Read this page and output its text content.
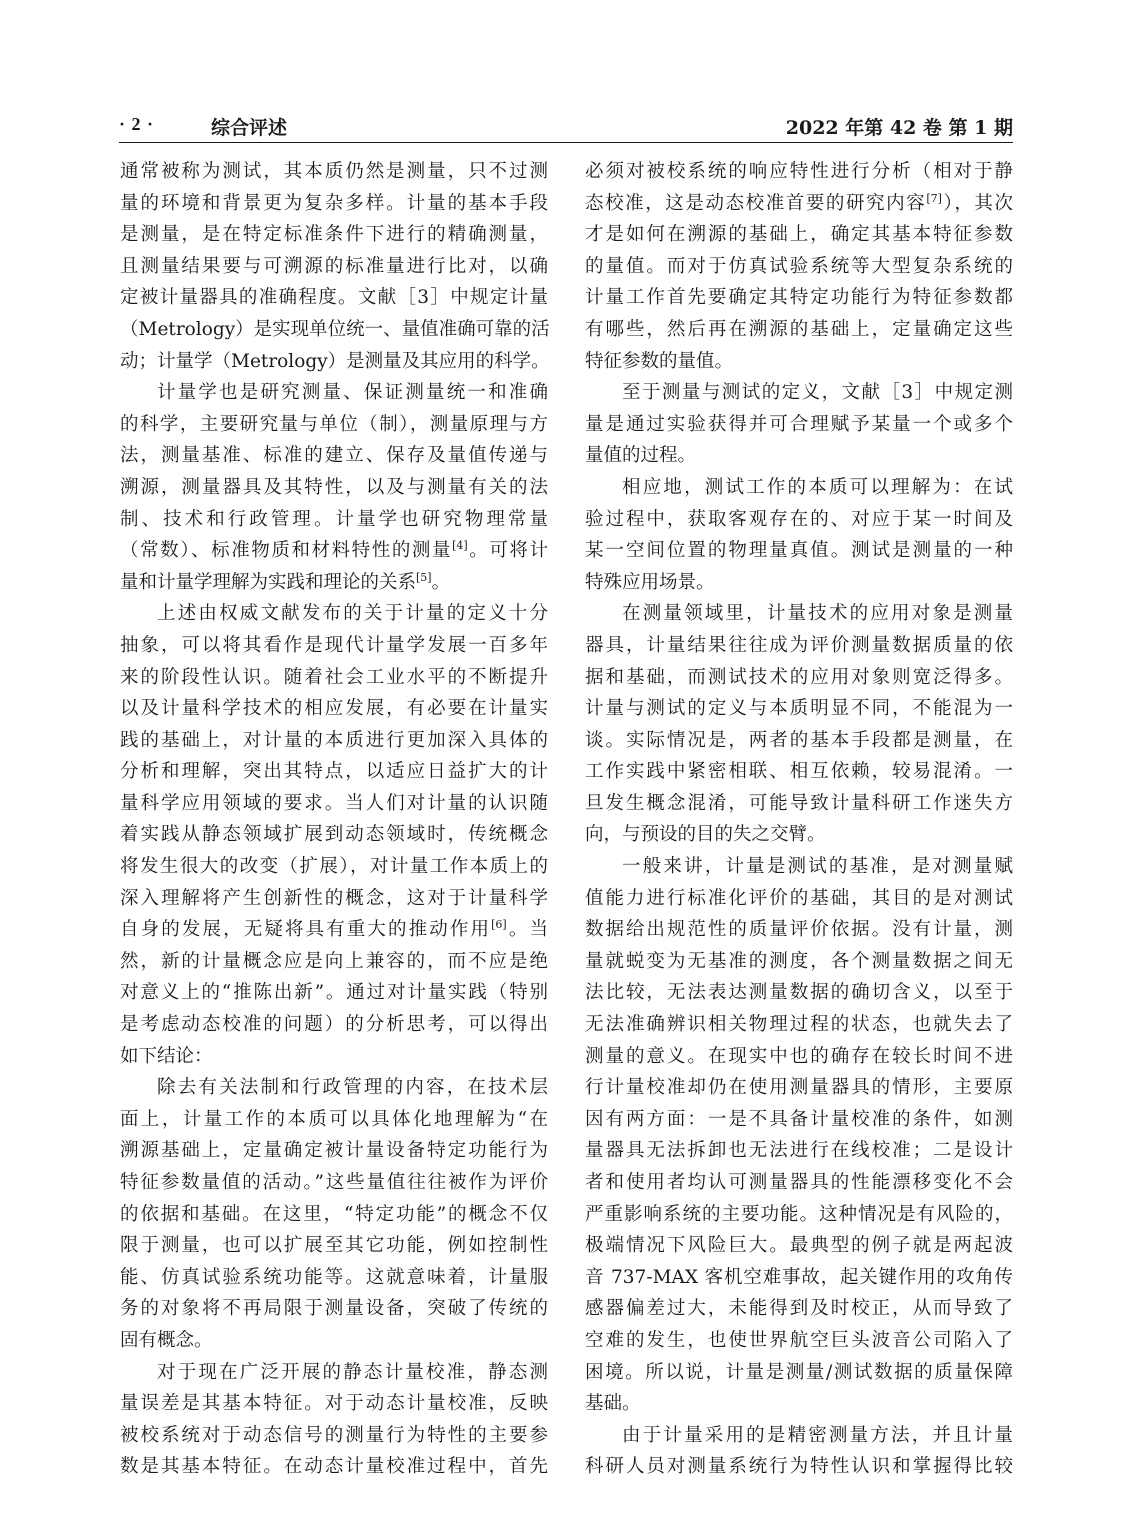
· 2 ·	综合评述	2022 年第 42 卷 第 1 期

通常被称为测试，其本质仍然是测量，只不过测
量的环境和背景更为复杂多样。计量的基本手段
是测量，是在特定标准条件下进行的精确测量，
且测量结果要与可溯源的标准量进行比对，以确
定被计量器具的准确程度。文献［3］中规定计量
（Metrology）是实现单位统一、量值准确可靠的活
动；计量学（Metrology）是测量及其应用的科学。

计量学也是研究测量、保证测量统一和准确
的科学，主要研究量与单位（制），测量原理与方
法，测量基准、标准的建立、保存及量值传递与
溯源，测量器具及其特性，以及与测量有关的法
制、技术和行政管理。计量学也研究物理常量
（常数）、标准物质和材料特性的测量[4]。可将计
量和计量学理解为实践和理论的关系[5]。

上述由权威文献发布的关于计量的定义十分
抽象，可以将其看作是现代计量学发展一百多年
来的阶段性认识。随着社会工业水平的不断提升
以及计量科学技术的相应发展，有必要在计量实
践的基础上，对计量的本质进行更加深入具体的
分析和理解，突出其特点，以适应日益扩大的计
量科学应用领域的要求。当人们对计量的认识随
着实践从静态领域扩展到动态领域时，传统概念
将发生很大的改变（扩展），对计量工作本质上的
深入理解将产生创新性的概念，这对于计量科学
自身的发展，无疑将具有重大的推动作用[6]。当
然，新的计量概念应是向上兼容的，而不应是绝
对意义上的“推陈出新”。通过对计量实践（特别
是考虑动态校准的问题）的分析思考，可以得出
如下结论：

除去有关法制和行政管理的内容，在技术层
面上，计量工作的本质可以具体化地理解为“在
溯源基础上，定量确定被计量设备特定功能行为
特征参数量值的活动。”这些量值往往被作为评价
的依据和基础。在这里，“特定功能”的概念不仅
限于测量，也可以扩展至其它功能，例如控制性
能、仿真试验系统功能等。这就意味着，计量服
务的对象将不再局限于测量设备，突破了传统的
固有概念。

对于现在广泛开展的静态计量校准，静态测
量误差是其基本特征。对于动态计量校准，反映
被校系统对于动态信号的测量行为特性的主要参
数是其基本特征。在动态计量校准过程中，首先

必须对被校系统的响应特性进行分析（相对于静
态校准，这是动态校准首要的研究内容[7]），其次
才是如何在溯源的基础上，确定其基本特征参数
的量值。而对于仿真试验系统等大型复杂系统的
计量工作首先要确定其特定功能行为特征参数都
有哪些，然后再在溯源的基础上，定量确定这些
特征参数的量值。

至于测量与测试的定义，文献［3］中规定测
量是通过实验获得并可合理赋予某量一个或多个
量值的过程。

相应地，测试工作的本质可以理解为：在试
验过程中，获取客观存在的、对应于某一时间及
某一空间位置的物理量真值。测试是测量的一种
特殊应用场景。

在测量领域里，计量技术的应用对象是测量
器具，计量结果往往成为评价测量数据质量的依
据和基础，而测试技术的应用对象则宽泛得多。
计量与测试的定义与本质明显不同，不能混为一
谈。实际情况是，两者的基本手段都是测量，在
工作实践中紧密相联、相互依赖，较易混淆。一
旦发生概念混淆，可能导致计量科研工作迷失方
向，与预设的目的失之交臂。

一般来讲，计量是测试的基准，是对测量赋
值能力进行标准化评价的基础，其目的是对测试
数据给出规范性的质量评价依据。没有计量，测
量就蜕变为无基准的测度，各个测量数据之间无
法比较，无法表达测量数据的确切含义，以至于
无法准确辨识相关物理过程的状态，也就失去了
测量的意义。在现实中也的确存在较长时间不进
行计量校准却仍在使用测量器具的情形，主要原
因有两方面：一是不具备计量校准的条件，如测
量器具无法拆卸也无法进行在线校准；二是设计
者和使用者均认可测量器具的性能漂移变化不会
严重影响系统的主要功能。这种情况是有风险的，
极端情况下风险巨大。最典型的例子就是两起波
音 737-MAX 客机空难事故，起关键作用的攻角传
感器偏差过大，未能得到及时校正，从而导致了
空难的发生，也使世界航空巨头波音公司陷入了
困境。所以说，计量是测量/测试数据的质量保障
基础。

由于计量采用的是精密测量方法，并且计量
科研人员对测量系统行为特性认识和掌握得比较
